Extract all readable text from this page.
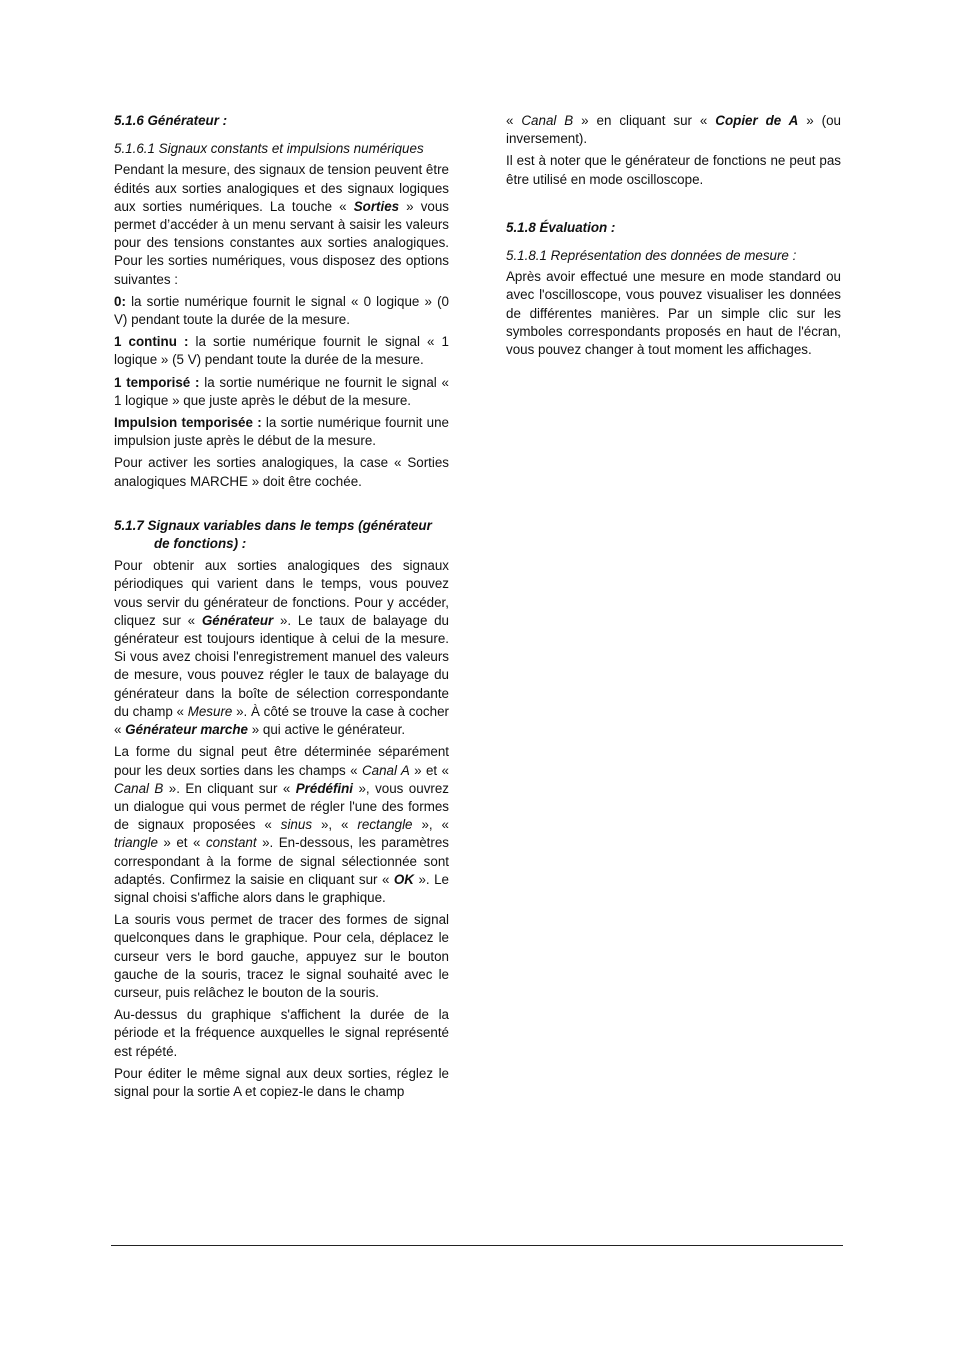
5.1.6 Générateur :
5.1.6.1 Signaux constants et impulsions numériques

Pendant la mesure, des signaux de tension peuvent être édités aux sorties analogiques et des signaux logiques aux sorties numériques. La touche « Sorties » vous permet d’accéder à un menu servant à saisir les valeurs pour des tensions constantes aux sorties analogiques. Pour les sorties numériques, vous disposez des options suivantes :

0: la sortie numérique fournit le signal « 0 logique » (0 V) pendant toute la durée de la mesure.

1 continu : la sortie numérique fournit le signal « 1 logique » (5 V) pendant toute la durée de la mesure.

1 temporisé : la sortie numérique ne fournit le signal « 1 logique » que juste après le début de la mesure.

Impulsion temporisée : la sortie numérique fournit une impulsion juste après le début de la mesure.

Pour activer les sorties analogiques, la case « Sorties analogiques MARCHE » doit être cochée.

5.1.7 Signaux variables dans le temps (générateur de fonctions) :

Pour obtenir aux sorties analogiques des signaux périodiques qui varient dans le temps, vous pouvez vous servir du générateur de fonctions. Pour y accéder, cliquez sur « Générateur ». Le taux de balayage du générateur est toujours identique à celui de la mesure. Si vous avez choisi l'enregistrement manuel des valeurs de mesure, vous pouvez régler le taux de balayage du générateur dans la boîte de sélection correspondante du champ « Mesure ». À côté se trouve la case à cocher « Générateur marche » qui active le générateur.

La forme du signal peut être déterminée séparément pour les deux sorties dans les champs « Canal A » et « Canal B ». En cliquant sur « Prédéfini », vous ouvrez un dialogue qui vous permet de régler l'une des formes de signaux proposées « sinus », « rectangle », « triangle » et « constant ». En-dessous, les paramètres correspondant à la forme de signal sélectionnée sont adaptés. Confirmez la saisie en cliquant sur « OK ». Le signal choisi s'affiche alors dans le graphique.

La souris vous permet de tracer des formes de signal quelconques dans le graphique. Pour cela, déplacez le curseur vers le bord gauche, appuyez sur le bouton gauche de la souris, tracez le signal souhaité avec le curseur, puis relâchez le bouton de la souris.

Au-dessus du graphique s'affichent la durée de la période et la fréquence auxquelles le signal représenté est répété.

Pour éditer le même signal aux deux sorties, réglez le signal pour la sortie A et copiez-le dans le champ

« Canal B » en cliquant sur « Copier de A » (ou inversement).

Il est à noter que le générateur de fonctions ne peut pas être utilisé en mode oscilloscope.

5.1.8 Évaluation :
5.1.8.1 Représentation des données de mesure :

Après avoir effectué une mesure en mode standard ou avec l'oscilloscope, vous pouvez visualiser les données de différentes manières. Par un simple clic sur les symboles correspondants proposés en haut de l'écran, vous pouvez changer à tout moment les affichages.
